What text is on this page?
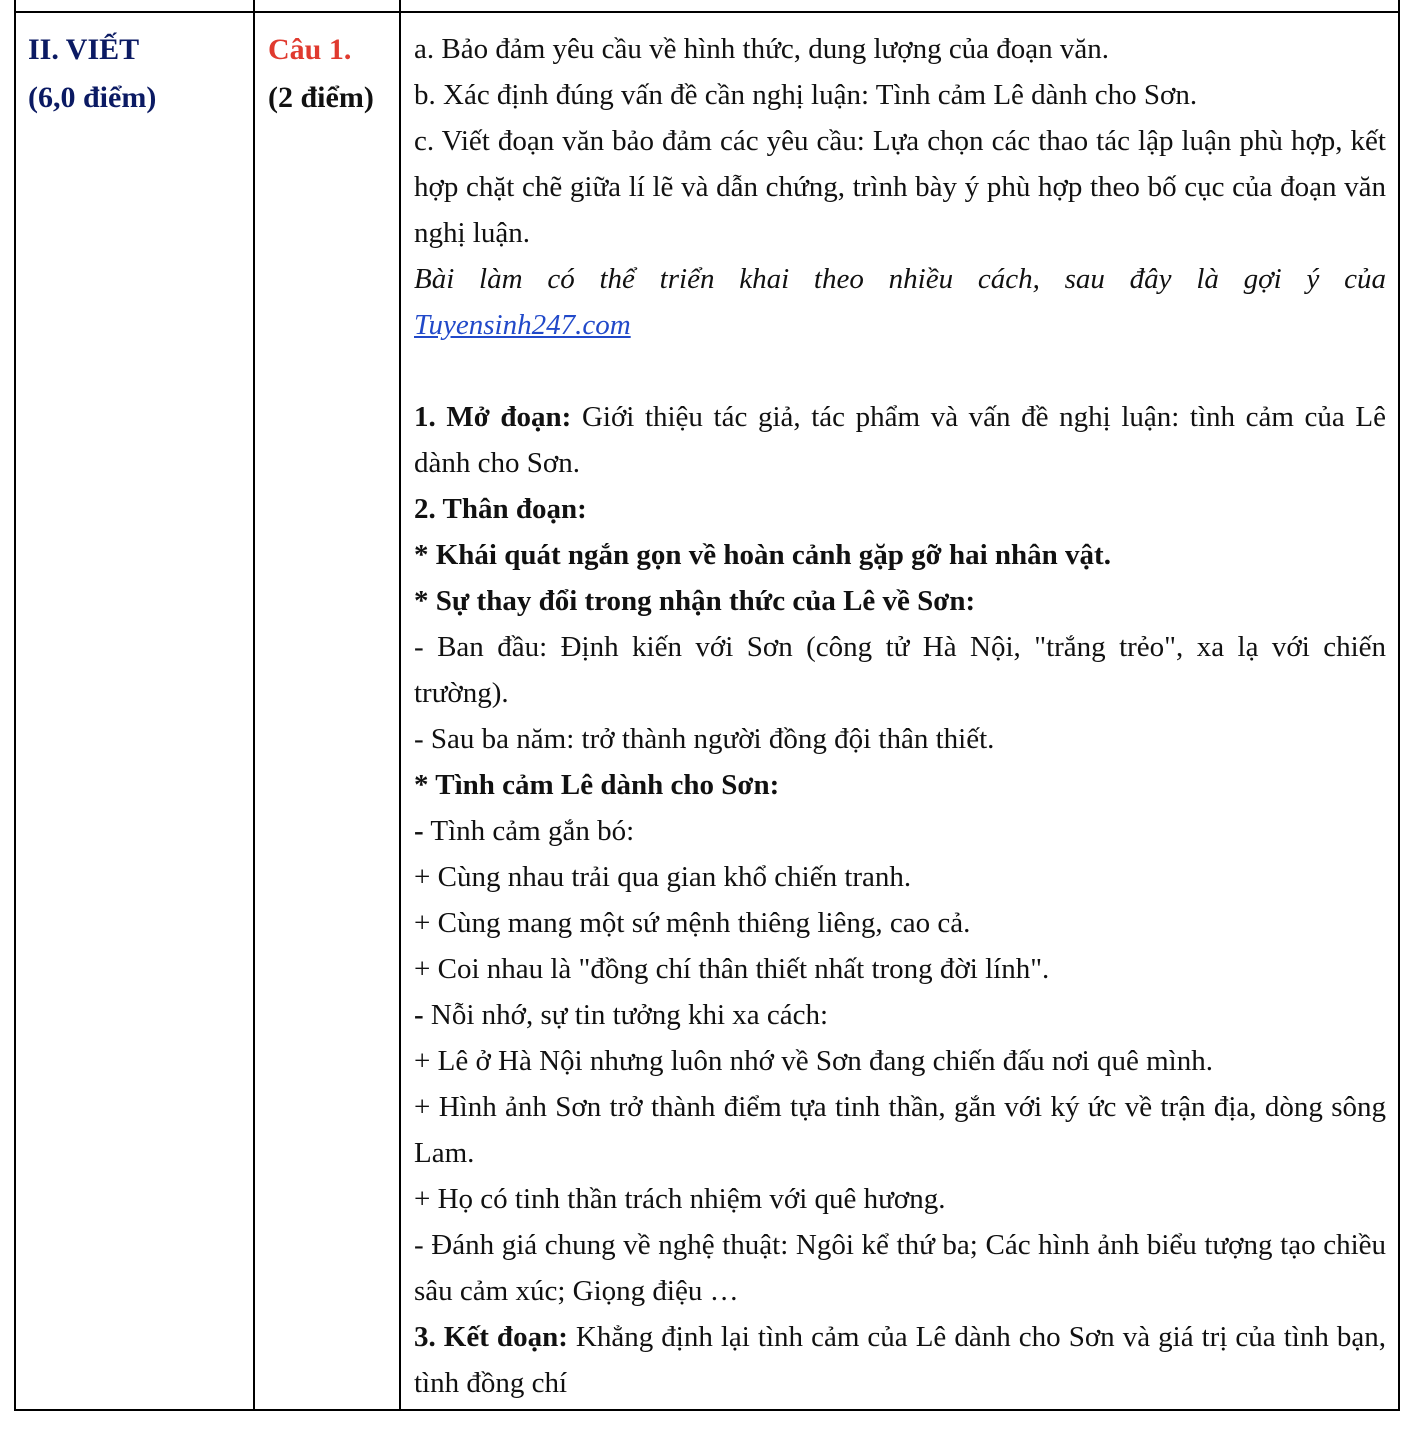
II. VIẾT
(6,0 điểm)
Câu 1.
(2 điểm)

a. Bảo đảm yêu cầu về hình thức, dung lượng của đoạn văn.

b. Xác định đúng vấn đề cần nghị luận: Tình cảm Lê dành cho Sơn.

c. Viết đoạn văn bảo đảm các yêu cầu: Lựa chọn các thao tác lập luận phù hợp, kết hợp chặt chẽ giữa lí lẽ và dẫn chứng, trình bày ý phù hợp theo bố cục của đoạn văn nghị luận.

Bài làm có thể triển khai theo nhiều cách, sau đây là gợi ý của Tuyensinh247.com

1. Mở đoạn: Giới thiệu tác giả, tác phẩm và vấn đề nghị luận: tình cảm của Lê dành cho Sơn.

2. Thân đoạn:

* Khái quát ngắn gọn về hoàn cảnh gặp gỡ hai nhân vật.

* Sự thay đổi trong nhận thức của Lê về Sơn:

- Ban đầu: Định kiến với Sơn (công tử Hà Nội, "trắng trẻo", xa lạ với chiến trường).

- Sau ba năm: trở thành người đồng đội thân thiết.

* Tình cảm Lê dành cho Sơn:

- Tình cảm gắn bó:

+ Cùng nhau trải qua gian khổ chiến tranh.

+ Cùng mang một sứ mệnh thiêng liêng, cao cả.

+ Coi nhau là "đồng chí thân thiết nhất trong đời lính".

- Nỗi nhớ, sự tin tưởng khi xa cách:

+ Lê ở Hà Nội nhưng luôn nhớ về Sơn đang chiến đấu nơi quê mình.

+ Hình ảnh Sơn trở thành điểm tựa tinh thần, gắn với ký ức về trận địa, dòng sông Lam.

+ Họ có tinh thần trách nhiệm với quê hương.

- Đánh giá chung về nghệ thuật: Ngôi kể thứ ba; Các hình ảnh biểu tượng tạo chiều sâu cảm xúc; Giọng điệu …

3. Kết đoạn: Khẳng định lại tình cảm của Lê dành cho Sơn và giá trị của tình bạn, tình đồng chí
